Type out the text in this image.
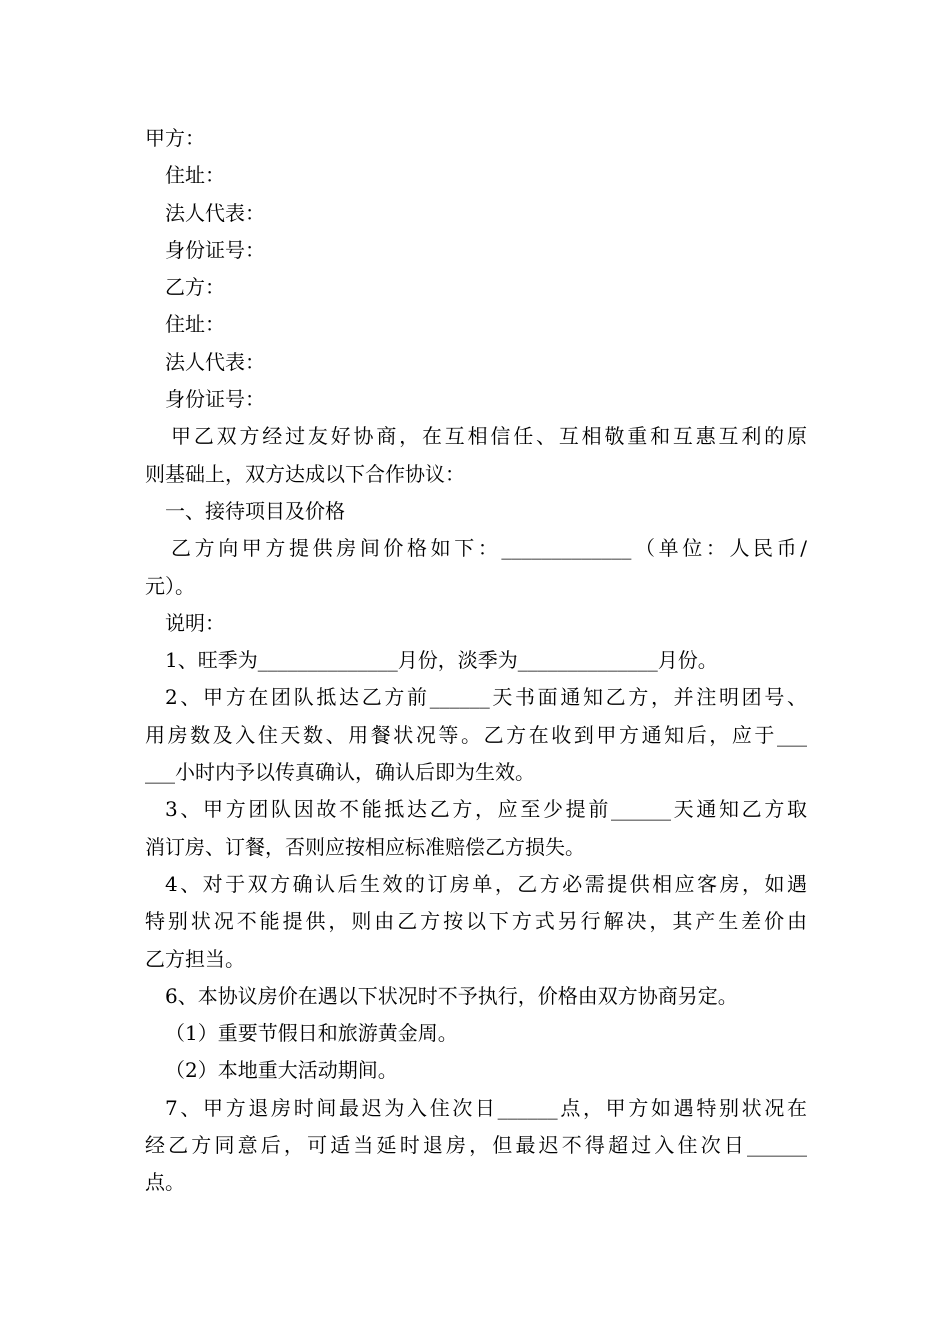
甲方：
住址：
法人代表：
身份证号：
乙方：
住址：
法人代表：
身份证号：
甲乙双方经过友好协商，在互相信任、互相敬重和互惠互利的原
则基础上，双方达成以下合作协议：
一、接待项目及价格
乙方向甲方提供房间价格如下：_____________（单位：人民币/
元）。
说明：
1、旺季为______________月份，淡季为______________月份。
2、甲方在团队抵达乙方前______天书面通知乙方，并注明团号、
用房数及入住天数、用餐状况等。乙方在收到甲方通知后，应于___
___小时内予以传真确认，确认后即为生效。
3、甲方团队因故不能抵达乙方，应至少提前______天通知乙方取
消订房、订餐，否则应按相应标准赔偿乙方损失。
4、对于双方确认后生效的订房单，乙方必需提供相应客房，如遇
特别状况不能提供，则由乙方按以下方式另行解决，其产生差价由
乙方担当。
6、本协议房价在遇以下状况时不予执行，价格由双方协商另定。
（1）重要节假日和旅游黄金周。
（2）本地重大活动期间。
7、甲方退房时间最迟为入住次日______点，甲方如遇特别状况在
经乙方同意后，可适当延时退房，但最迟不得超过入住次日______
点。
